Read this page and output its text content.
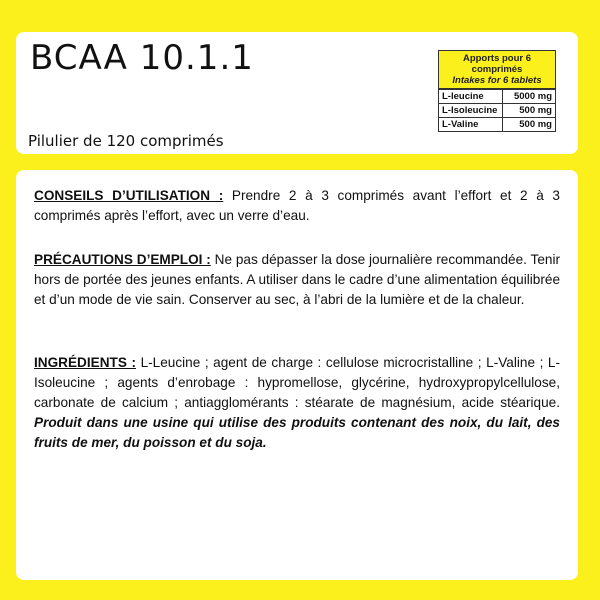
BCAA 10.1.1

Pilulier de 120 comprimés

Apports pour 6 comprimés
Intakes for 6 tablets
L-leucine	5000 mg
L-Isoleucine	500 mg
L-Valine	500 mg

CONSEILS D’UTILISATION : Prendre 2 à 3 comprimés avant l’effort et 2 à 3 comprimés après l’effort, avec un verre d’eau.

PRÉCAUTIONS D’EMPLOI : Ne pas dépasser la dose journalière recommandée. Tenir hors de portée des jeunes enfants. A utiliser dans le cadre d’une alimentation équilibrée et d’un mode de vie sain. Conserver au sec, à l’abri de la lumière et de la chaleur.

INGRÉDIENTS : L-Leucine ; agent de charge : cellulose microcristalline ; L-Valine ; L-Isoleucine ; agents d’enrobage : hypromellose, glycérine, hydroxypropylcellulose, carbonate de calcium ; antiagglomérants : stéarate de magnésium, acide stéarique. Produit dans une usine qui utilise des produits contenant des noix, du lait, des fruits de mer, du poisson et du soja.
